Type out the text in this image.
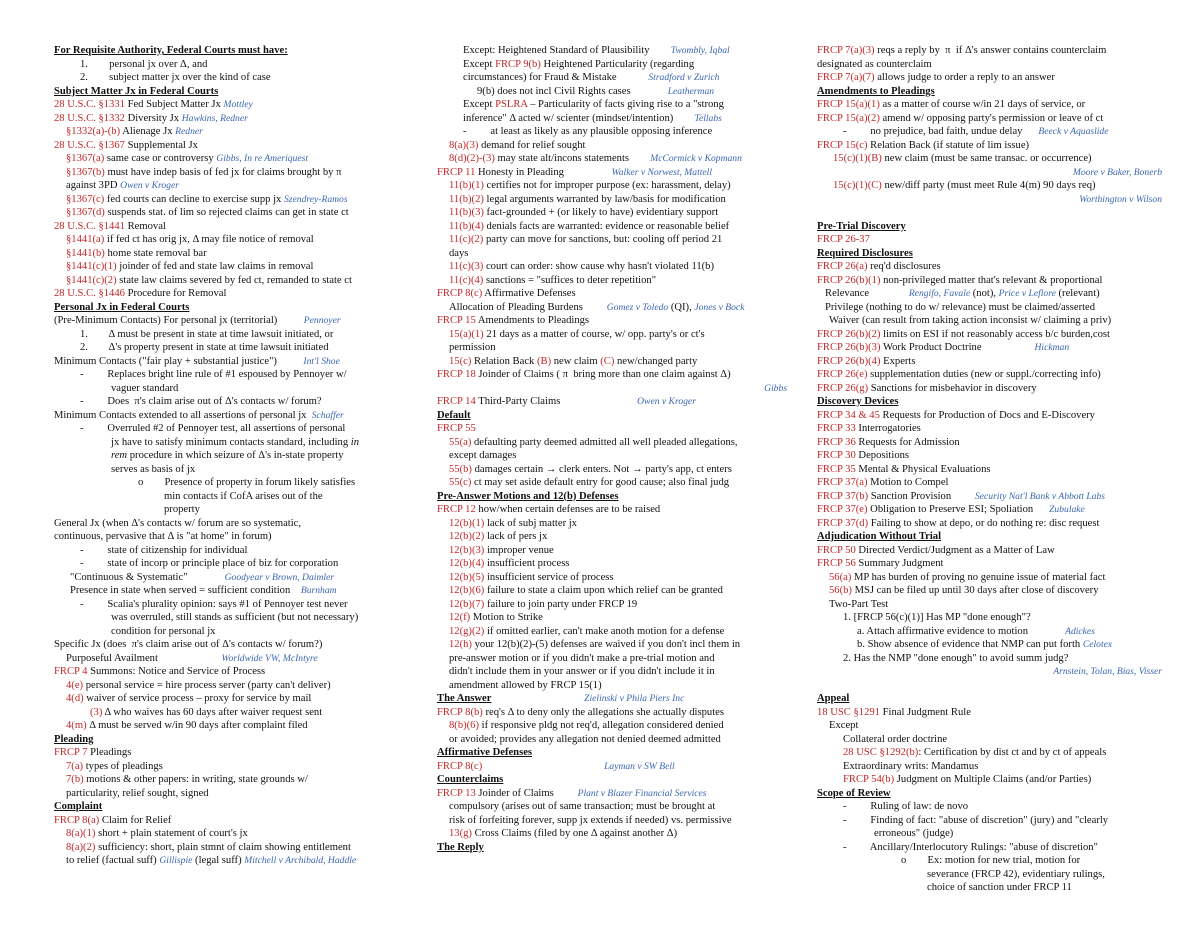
For Requisite Authority, Federal Courts must have:
1.        personal jx over Δ, and
2.        subject matter jx over the kind of case
Subject Matter Jx in Federal Courts
28 U.S.C. §1331 Fed Subject Matter Jx Mottley
28 U.S.C. §1332 Diversity Jx Hawkins, Redner
§1332(a)-(b) Alienage Jx Redner
28 U.S.C. §1367 Supplemental Jx
§1367(a) same case or controversy Gibbs, In re Ameriquest
§1367(b) must have indep basis of fed jx for claims brought by π
against 3PD Owen v Kroger
§1367(c) fed courts can decline to exercise supp jx Szendrey-Ramos
§1367(d) suspends stat. of lim so rejected claims can get in state ct
28 U.S.C. §1441 Removal
§1441(a) if fed ct has orig jx, Δ may file notice of removal
§1441(b) home state removal bar
§1441(c)(1) joinder of fed and state law claims in removal
§1441(c)(2) state law claims severed by fed ct, remanded to state ct
28 U.S.C. §1446 Procedure for Removal
Personal Jx in Federal Courts
(Pre-Minimum Contacts) For personal jx (territorial)          Pennoyer
1.        Δ must be present in state at time lawsuit initiated, or
2.        Δ's property present in state at time lawsuit initiated
Minimum Contacts ("fair play + substantial justice")          Int'l Shoe
-         Replaces bright line rule of #1 espoused by Pennoyer w/
vaguer standard
-         Does  π's claim arise out of Δ's contacts w/ forum?
Minimum Contacts extended to all assertions of personal jx  Schaffer
-         Overruled #2 of Pennoyer test, all assertions of personal
jx have to satisfy minimum contacts standard, including in
rem procedure in which seizure of Δ's in-state property
serves as basis of jx
o        Presence of property in forum likely satisfies
min contacts if CofA arises out of the
property
General Jx (when Δ's contacts w/ forum are so systematic,
continuous, pervasive that Δ is "at home" in forum)
-         state of citizenship for individual
-         state of incorp or principle place of biz for corporation
"Continuous & Systematic"              Goodyear v Brown, Daimler
Presence in state when served = sufficient condition    Burnham
-         Scalia's plurality opinion: says #1 of Pennoyer test never
was overruled, still stands as sufficient (but not necessary)
condition for personal jx
Specific Jx (does  π's claim arise out of Δ's contacts w/ forum?)
Purposeful Availment                        Worldwide VW, McIntyre
FRCP 4 Summons: Notice and Service of Process
4(e) personal service = hire process server (party can't deliver)
4(d) waiver of service process – proxy for service by mail
(3) Δ who waives has 60 days after waiver request sent
4(m) Δ must be served w/in 90 days after complaint filed
Pleading
FRCP 7 Pleadings
7(a) types of pleadings
7(b) motions & other papers: in writing, state grounds w/
particularity, relief sought, signed
Complaint
FRCP 8(a) Claim for Relief
8(a)(1) short + plain statement of court's jx
8(a)(2) sufficiency: short, plain stmnt of claim showing entitlement
to relief (factual suff) Gillispie (legal suff) Mitchell v Archibald, Haddle
Except: Heightened Standard of Plausibility        Twombly, Iqbal
Except FRCP 9(b) Heightened Particularity (regarding
circumstances) for Fraud & Mistake            Stradford v Zurich
9(b) does not incl Civil Rights cases              Leatherman
Except PSLRA – Particularity of facts giving rise to a "strong
inference" Δ acted w/ scienter (mindset/intention)        Tellabs
-         at least as likely as any plausible opposing inference
8(a)(3) demand for relief sought
8(d)(2)-(3) may state alt/incons statements        McCormick v Kopmann
FRCP 11 Honesty in Pleading                  Walker v Norwest, Mattell
11(b)(1) certifies not for improper purpose (ex: harassment, delay)
11(b)(2) legal arguments warranted by law/basis for modification
11(b)(3) fact-grounded + (or likely to have) evidentiary support
11(b)(4) denials facts are warranted: evidence or reasonable belief
11(c)(2) party can move for sanctions, but: cooling off period 21
days
11(c)(3) court can order: show cause why hasn't violated 11(b)
11(c)(4) sanctions = "suffices to deter repetition"
FRCP 8(c) Affirmative Defenses
Allocation of Pleading Burdens         Gomez v Toledo (QI), Jones v Bock
FRCP 15 Amendments to Pleadings
15(a)(1) 21 days as a matter of course, w/ opp. party's or ct's
permission
15(c) Relation Back (B) new claim (C) new/changed party
FRCP 18 Joinder of Claims ( π  bring more than one claim against Δ)
Gibbs
FRCP 14 Third-Party Claims                             Owen v Kroger
Default
FRCP 55
55(a) defaulting party deemed admitted all well pleaded allegations,
except damages
55(b) damages certain → clerk enters. Not → party's app, ct enters
55(c) ct may set aside default entry for good cause; also final judg
Pre-Answer Motions and 12(b) Defenses
FRCP 12 how/when certain defenses are to be raised
12(b)(1) lack of subj matter jx
12(b)(2) lack of pers jx
12(b)(3) improper venue
12(b)(4) insufficient process
12(b)(5) insufficient service of process
12(b)(6) failure to state a claim upon which relief can be granted
12(b)(7) failure to join party under FRCP 19
12(f) Motion to Strike
12(g)(2) if omitted earlier, can't make anoth motion for a defense
12(h) your 12(b)(2)-(5) defenses are waived if you don't incl them in
pre-answer motion or if you didn't make a pre-trial motion and
didn't include them in your answer or if you didn't include it in
amendment allowed by FRCP 15(1)
The Answer	Zielinski v Phila Piers Inc
FRCP 8(b) req's Δ to deny only the allegations she actually disputes
8(b)(6) if responsive pldg not req'd, allegation considered denied
or avoided; provides any allegation not denied deemed admitted
Affirmative Defenses
FRCP 8(c)	Layman v SW Bell
Counterclaims
FRCP 13 Joinder of Claims         Plant v Blazer Financial Services
compulsory (arises out of same transaction; must be brought at
risk of forfeiting forever, supp jx extends if needed) vs. permissive
13(g) Cross Claims (filed by one Δ against another Δ)
The Reply
FRCP 7(a)(3) reqs a reply by  π  if Δ's answer contains counterclaim
designated as counterclaim
FRCP 7(a)(7) allows judge to order a reply to an answer
Amendments to Pleadings
FRCP 15(a)(1) as a matter of course w/in 21 days of service, or
FRCP 15(a)(2) amend w/ opposing party's permission or leave of ct
-         no prejudice, bad faith, undue delay      Beeck v Aquaslide
FRCP 15(c) Relation Back (if statute of lim issue)
15(c)(1)(B) new claim (must be same transac. or occurrence)
Moore v Baker, Bonerb
15(c)(1)(C) new/diff party (must meet Rule 4(m) 90 days req)
Worthington v Wilson

Pre-Trial Discovery
FRCP 26-37
Required Disclosures
FRCP 26(a) req'd disclosures
FRCP 26(b)(1) non-privileged matter that's relevant & proportional
Relevance               Rengifo, Favale (not), Price v Leflore (relevant)
Privilege (nothing to do w/ relevance) must be claimed/asserted
Waiver (can result from taking action inconsist w/ claiming a priv)
FRCP 26(b)(2) limits on ESI if not reasonably access b/c burden,cost
FRCP 26(b)(3) Work Product Doctrine                    Hickman
FRCP 26(b)(4) Experts
FRCP 26(e) supplementation duties (new or suppl./correcting info)
FRCP 26(g) Sanctions for misbehavior in discovery
Discovery Devices
FRCP 34 & 45 Requests for Production of Docs and E-Discovery
FRCP 33 Interrogatories
FRCP 36 Requests for Admission
FRCP 30 Depositions
FRCP 35 Mental & Physical Evaluations
FRCP 37(a) Motion to Compel
FRCP 37(b) Sanction Provision         Security Nat'l Bank v Abbott Labs
FRCP 37(e) Obligation to Preserve ESI; Spoliation      Zubulake
FRCP 37(d) Failing to show at depo, or do nothing re: disc request
Adjudication Without Trial
FRCP 50 Directed Verdict/Judgment as a Matter of Law
FRCP 56 Summary Judgment
56(a) MP has burden of proving no genuine issue of material fact
56(b) MSJ can be filed up until 30 days after close of discovery
Two-Part Test
1. [FRCP 56(c)(1)] Has MP "done enough"?
a. Attach affirmative evidence to motion              Adickes
b. Show absence of evidence that NMP can put forth Celotex
2. Has the NMP "done enough" to avoid summ judg?
Arnstein, Tolan, Bias, Visser

Appeal
18 USC §1291 Final Judgment Rule
Except
Collateral order doctrine
28 USC §1292(b): Certification by dist ct and by ct of appeals
Extraordinary writs: Mandamus
FRCP 54(b) Judgment on Multiple Claims (and/or Parties)
Scope of Review
-         Ruling of law: de novo
-         Finding of fact: "abuse of discretion" (jury) and "clearly
erroneous" (judge)
-         Ancillary/Interlocutory Rulings: "abuse of discretion"
o        Ex: motion for new trial, motion for
severance (FRCP 42), evidentiary rulings,
choice of sanction under FRCP 11
